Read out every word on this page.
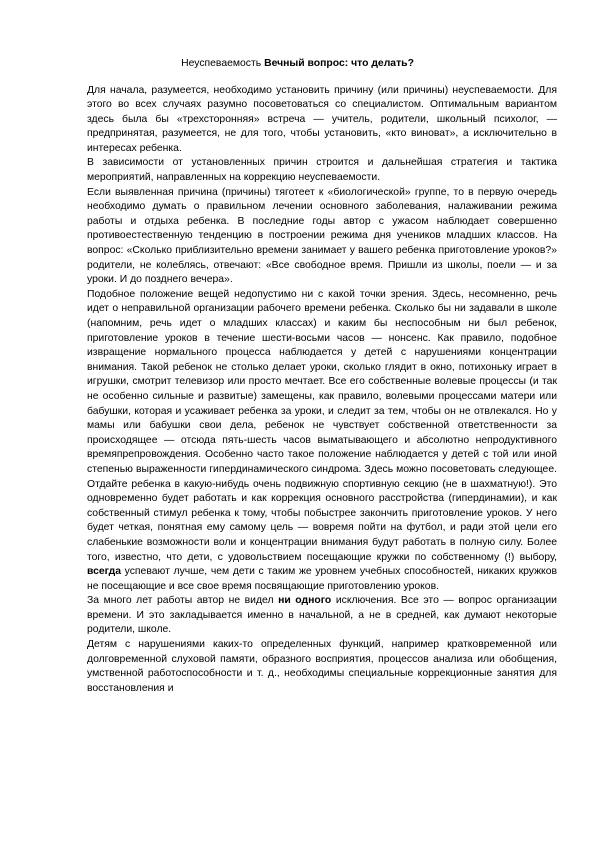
Неуспеваемость Вечный вопрос: что делать?

Для начала, разумеется, необходимо установить причину (или причины) неуспеваемости. Для этого во всех случаях разумно посоветоваться со специалистом. Оптимальным вариантом здесь была бы «трехсторонняя» встреча — учитель, родители, школьный психолог, — предпринятая, разумеется, не для того, чтобы установить, «кто виноват», а исключительно в интересах ребенка.

В зависимости от установленных причин строится и дальнейшая стратегия и тактика мероприятий, направленных на коррекцию неуспеваемости.

Если выявленная причина (причины) тяготеет к «биологической» группе, то в первую очередь необходимо думать о правильном лечении основного заболевания, налаживании режима работы и отдыха ребенка. В последние годы автор с ужасом наблюдает совершенно противоестественную тенденцию в построении режима дня учеников младших классов. На вопрос: «Сколько приблизительно времени занимает у вашего ребенка приготовление уроков?» родители, не колеблясь, отвечают: «Все свободное время. Пришли из школы, поели — и за уроки. И до позднего вечера».

Подобное положение вещей недопустимо ни с какой точки зрения. Здесь, несомненно, речь идет о неправильной организации рабочего времени ребенка. Сколько бы ни задавали в школе (напомним, речь идет о младших классах) и каким бы неспособным ни был ребенок, приготовление уроков в течение шести-восьми часов — нонсенс. Как правило, подобное извращение нормального процесса наблюдается у детей с нарушениями концентрации внимания. Такой ребенок не столько делает уроки, сколько глядит в окно, потихоньку играет в игрушки, смотрит телевизор или просто мечтает. Все его собственные волевые процессы (и так не особенно сильные и развитые) замещены, как правило, волевыми процессами матери или бабушки, которая и усаживает ребенка за уроки, и следит за тем, чтобы он не отвлекался. Но у мамы или бабушки свои дела, ребенок не чувствует собственной ответственности за происходящее — отсюда пять-шесть часов выматывающего и абсолютно непродуктивного времяпрепровождения. Особенно часто такое положение наблюдается у детей с той или иной степенью выраженности гипердинамического синдрома. Здесь можно посоветовать следующее. Отдайте ребенка в какую-нибудь очень подвижную спортивную секцию (не в шахматную!). Это одновременно будет работать и как коррекция основного расстройства (гипердинамии), и как собственный стимул ребенка к тому, чтобы побыстрее закончить приготовление уроков. У него будет четкая, понятная ему самому цель — вовремя пойти на футбол, и ради этой цели его слабенькие возможности воли и концентрации внимания будут работать в полную силу. Более того, известно, что дети, с удовольствием посещающие кружки по собственному (!) выбору, всегда успевают лучше, чем дети с таким же уровнем учебных способностей, никаких кружков не посещающие и все свое время посвящающие приготовлению уроков.

За много лет работы автор не видел ни одного исключения. Все это — вопрос организации времени. И это закладывается именно в начальной, а не в средней, как думают некоторые родители, школе.

Детям с нарушениями каких-то определенных функций, например кратковременной или долговременной слуховой памяти, образного восприятия, процессов анализа или обобщения, умственной работоспособности и т. д., необходимы специальные коррекционные занятия для восстановления и
